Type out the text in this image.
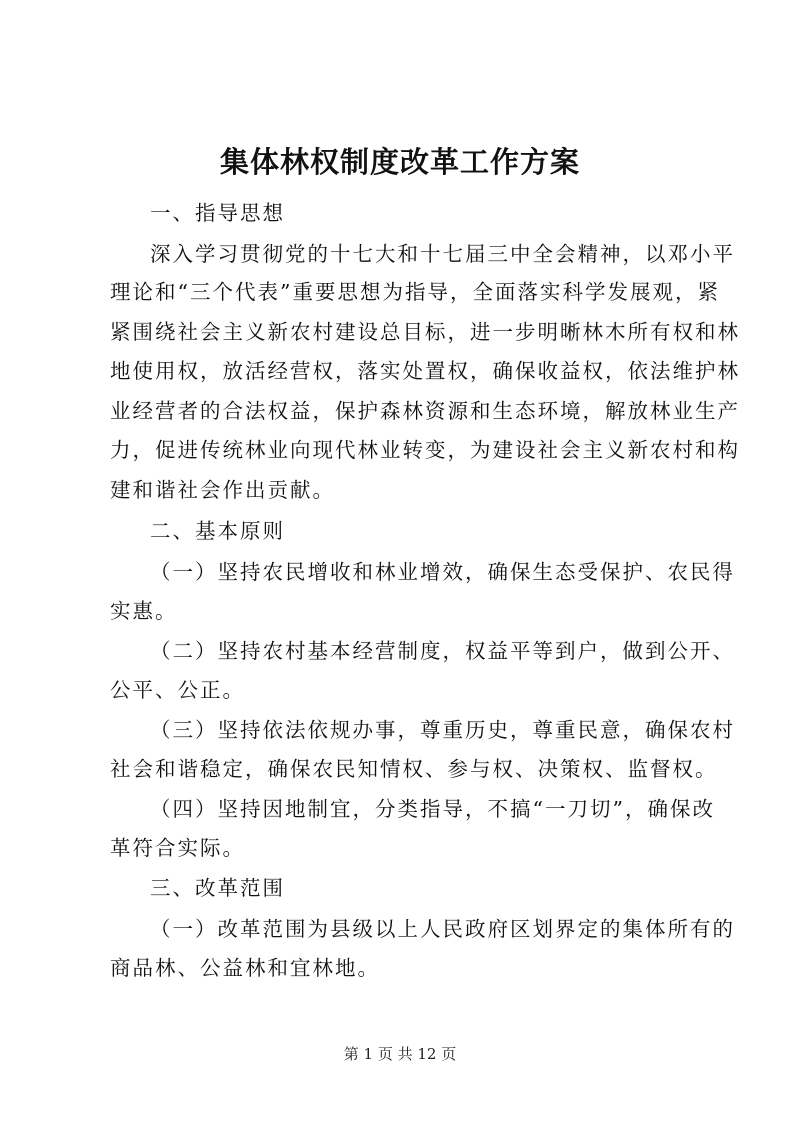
集体林权制度改革工作方案
一、指导思想
深入学习贯彻党的十七大和十七届三中全会精神，以邓小平
理论和“三个代表”重要思想为指导，全面落实科学发展观，紧
紧围绕社会主义新农村建设总目标，进一步明晰林木所有权和林
地使用权，放活经营权，落实处置权，确保收益权，依法维护林
业经营者的合法权益，保护森林资源和生态环境，解放林业生产
力，促进传统林业向现代林业转变，为建设社会主义新农村和构
建和谐社会作出贡献。
二、基本原则
（一）坚持农民增收和林业增效，确保生态受保护、农民得
实惠。
（二）坚持农村基本经营制度，权益平等到户，做到公开、
公平、公正。
（三）坚持依法依规办事，尊重历史，尊重民意，确保农村
社会和谐稳定，确保农民知情权、参与权、决策权、监督权。
（四）坚持因地制宜，分类指导，不搞“一刀切”，确保改
革符合实际。
三、改革范围
（一）改革范围为县级以上人民政府区划界定的集体所有的
商品林、公益林和宜林地。
第 1 页 共 12 页
